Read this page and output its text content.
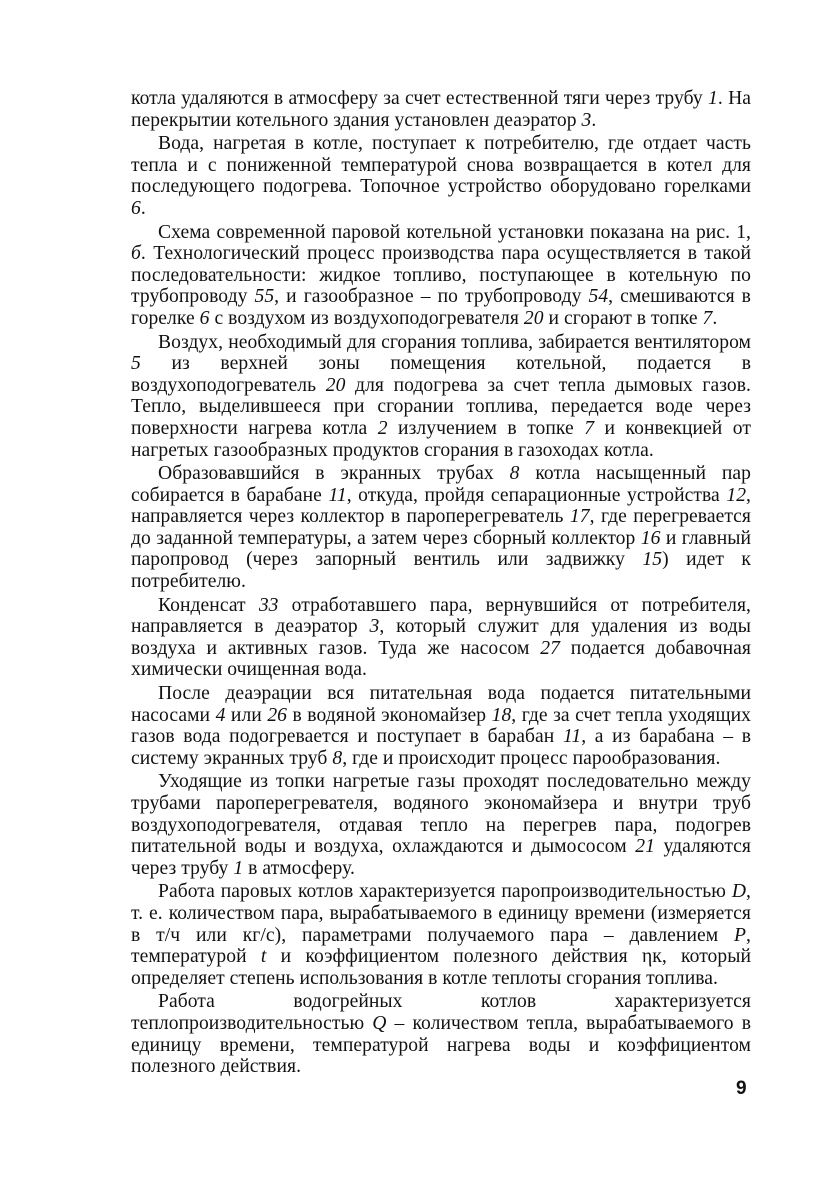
котла удаляются в атмосферу за счет естественной тяги через трубу 1. На перекрытии котельного здания установлен деаэратор 3.

Вода, нагретая в котле, поступает к потребителю, где отдает часть тепла и с пониженной температурой снова возвращается в котел для последующего подогрева. Топочное устройство оборудовано горелками 6.

Схема современной паровой котельной установки показана на рис. 1, б. Технологический процесс производства пара осуществляется в такой последовательности: жидкое топливо, поступающее в котельную по трубопроводу 55, и газообразное – по трубопроводу 54, смешиваются в горелке 6 с воздухом из воздухоподогревателя 20 и сгорают в топке 7.

Воздух, необходимый для сгорания топлива, забирается вентилятором 5 из верхней зоны помещения котельной, подается в воздухоподогреватель 20 для подогрева за счет тепла дымовых газов. Тепло, выделившееся при сгорании топлива, передается воде через поверхности нагрева котла 2 излучением в топке 7 и конвекцией от нагретых газообразных продуктов сгорания в газоходах котла.

Образовавшийся в экранных трубах 8 котла насыщенный пар собирается в барабане 11, откуда, пройдя сепарационные устройства 12, направляется через коллектор в пароперегреватель 17, где перегревается до заданной температуры, а затем через сборный коллектор 16 и главный паропровод (через запорный вентиль или задвижку 15) идет к потребителю.

Конденсат 33 отработавшего пара, вернувшийся от потребителя, направляется в деаэратор 3, который служит для удаления из воды воздуха и активных газов. Туда же насосом 27 подается добавочная химически очищенная вода.

После деаэрации вся питательная вода подается питательными насосами 4 или 26 в водяной экономайзер 18, где за счет тепла уходящих газов вода подогревается и поступает в барабан 11, а из барабана – в систему экранных труб 8, где и происходит процесс парообразования.

Уходящие из топки нагретые газы проходят последовательно между трубами пароперегревателя, водяного экономайзера и внутри труб воздухоподогревателя, отдавая тепло на перегрев пара, подогрев питательной воды и воздуха, охлаждаются и дымососом 21 удаляются через трубу 1 в атмосферу.

Работа паровых котлов характеризуется паропроизводительностью D, т. е. количеством пара, вырабатываемого в единицу времени (измеряется в т/ч или кг/с), параметрами получаемого пара – давлением P, температурой t и коэффициентом полезного действия ηк, который определяет степень использования в котле теплоты сгорания топлива.

Работа водогрейных котлов характеризуется теплопроизводительностью Q – количеством тепла, вырабатываемого в единицу времени, температурой нагрева воды и коэффициентом полезного действия.

9
